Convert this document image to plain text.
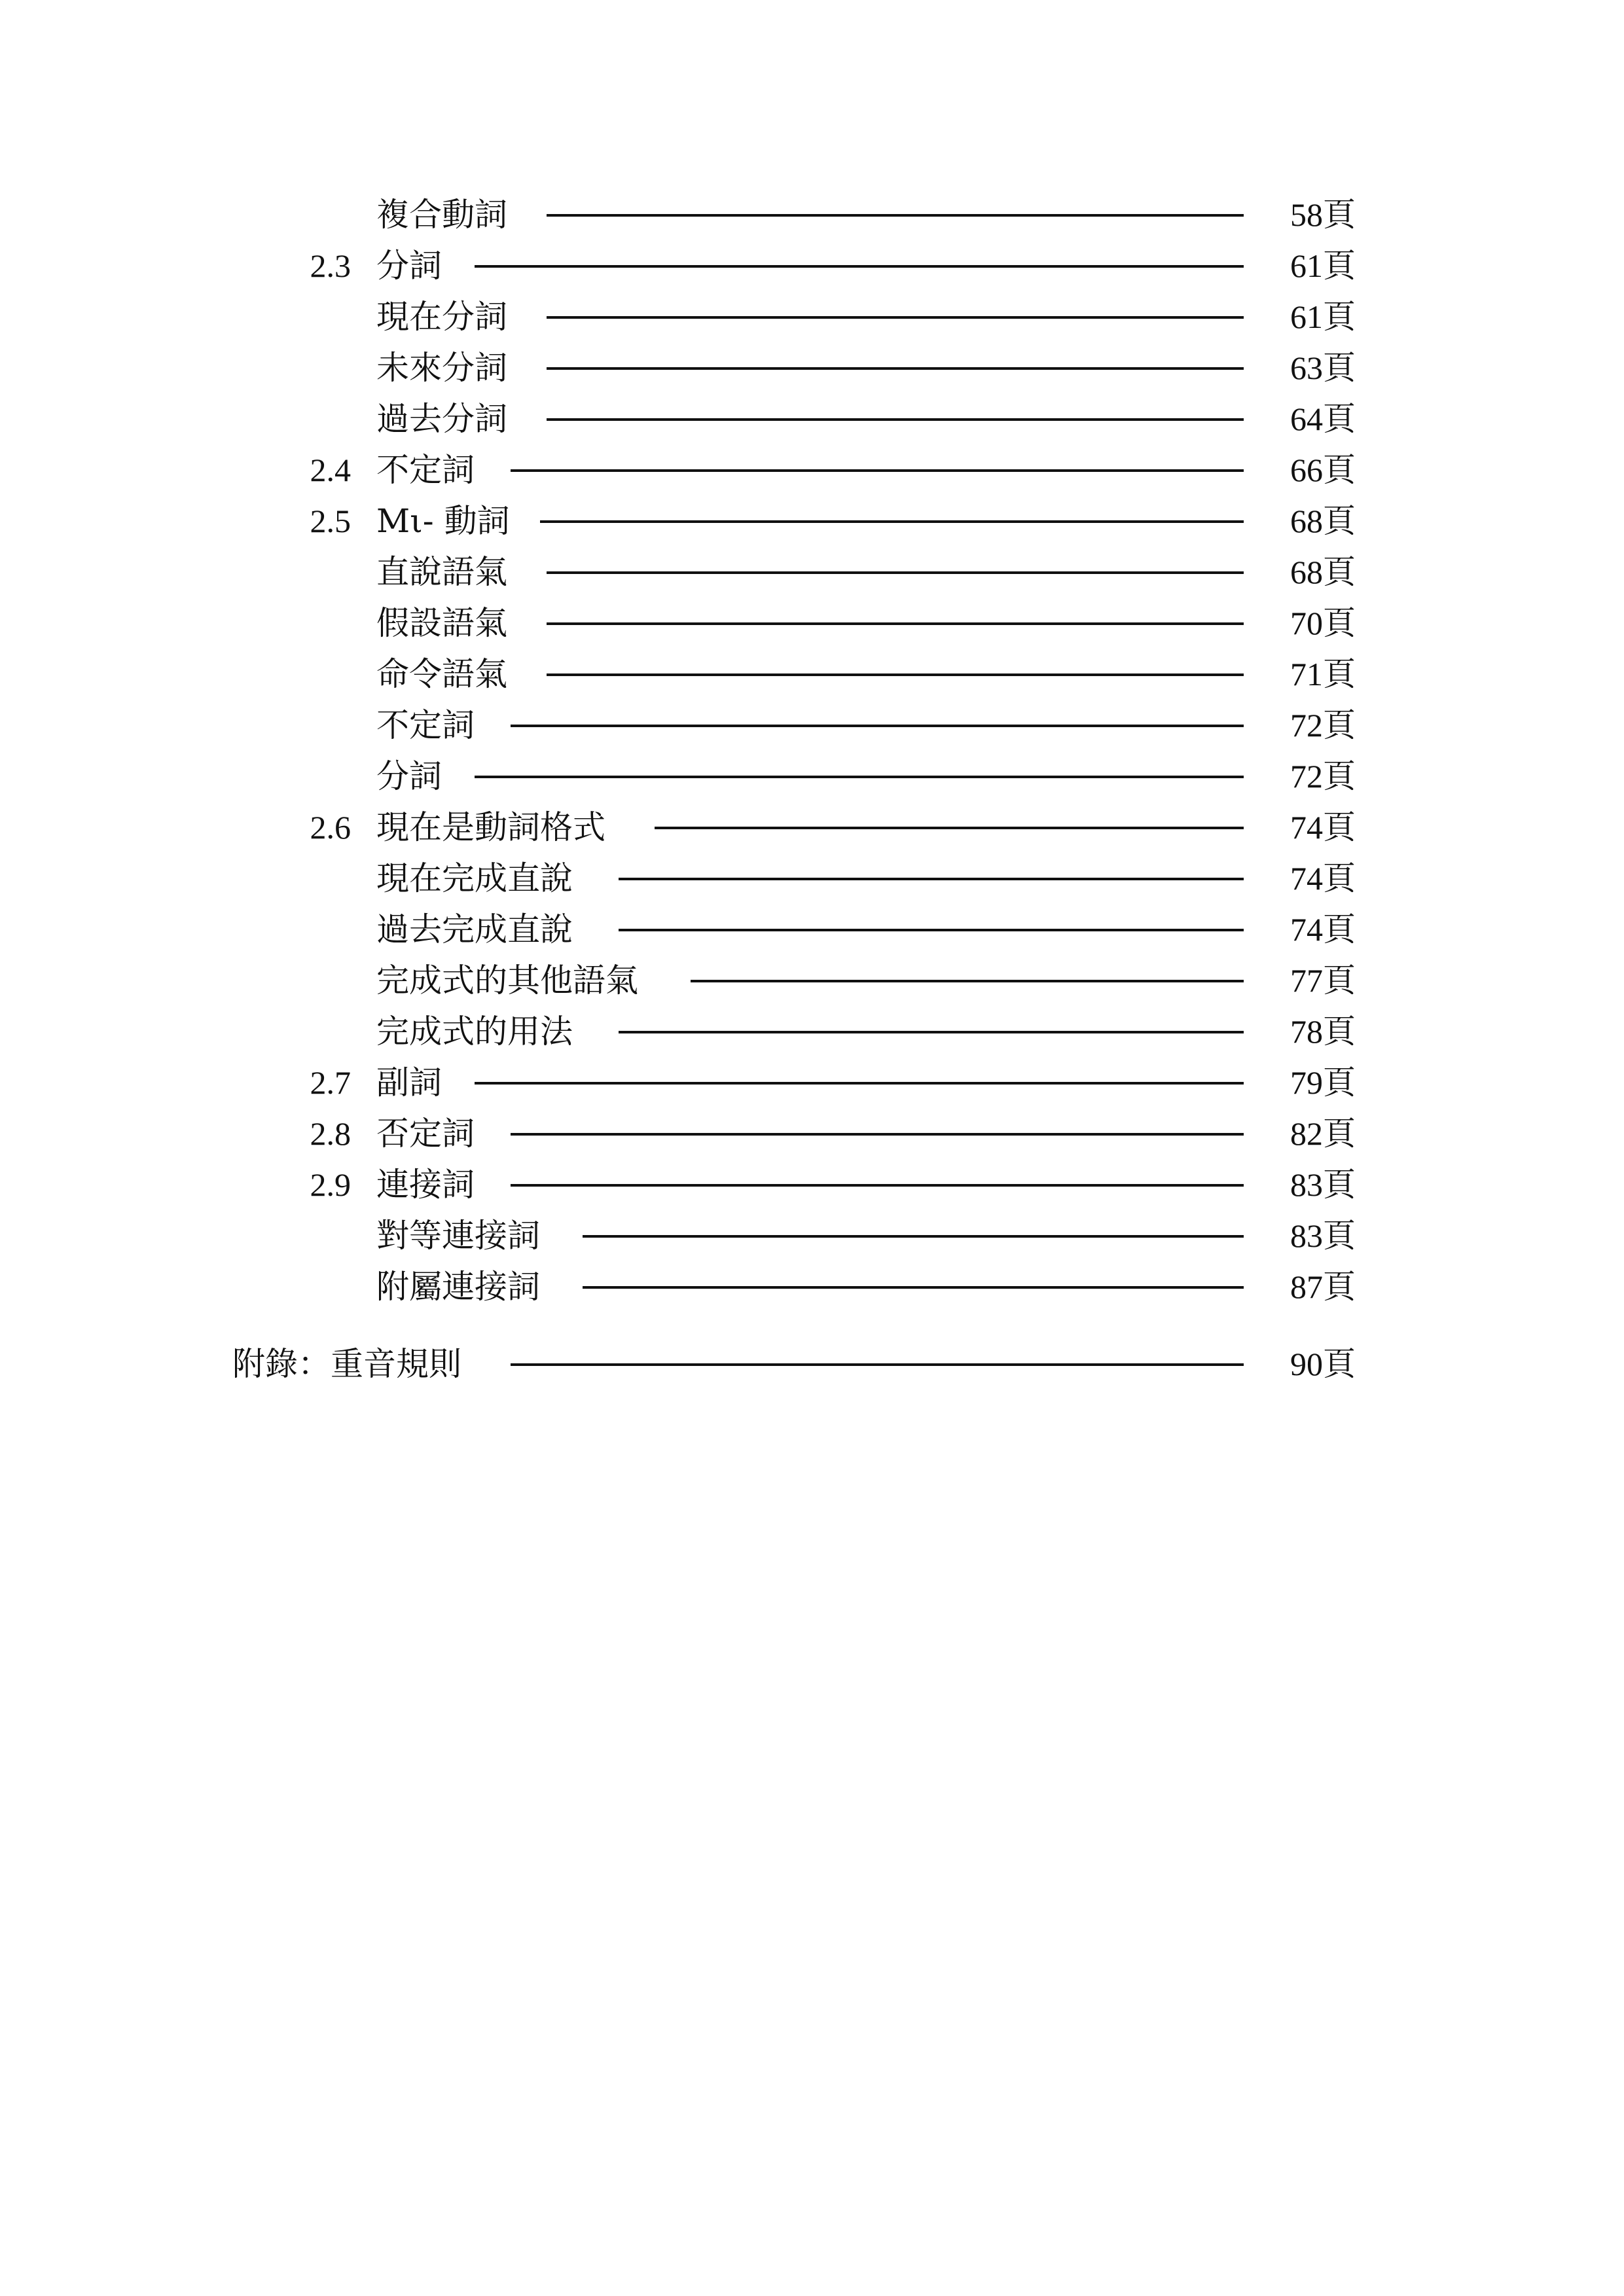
複合動詞	58頁
2.3 分詞	61頁
現在分詞	61頁
未來分詞	63頁
過去分詞	64頁
2.4 不定詞	66頁
2.5 Mι- 動詞	68頁
直說語氣	68頁
假設語氣	70頁
命令語氣	71頁
不定詞	72頁
分詞	72頁
2.6 現在是動詞格式	74頁
現在完成直說	74頁
過去完成直說	74頁
完成式的其他語氣	77頁
完成式的用法	78頁
2.7 副詞	79頁
2.8 否定詞	82頁
2.9 連接詞	83頁
對等連接詞	83頁
附屬連接詞	87頁
附錄：重音規則	90頁
